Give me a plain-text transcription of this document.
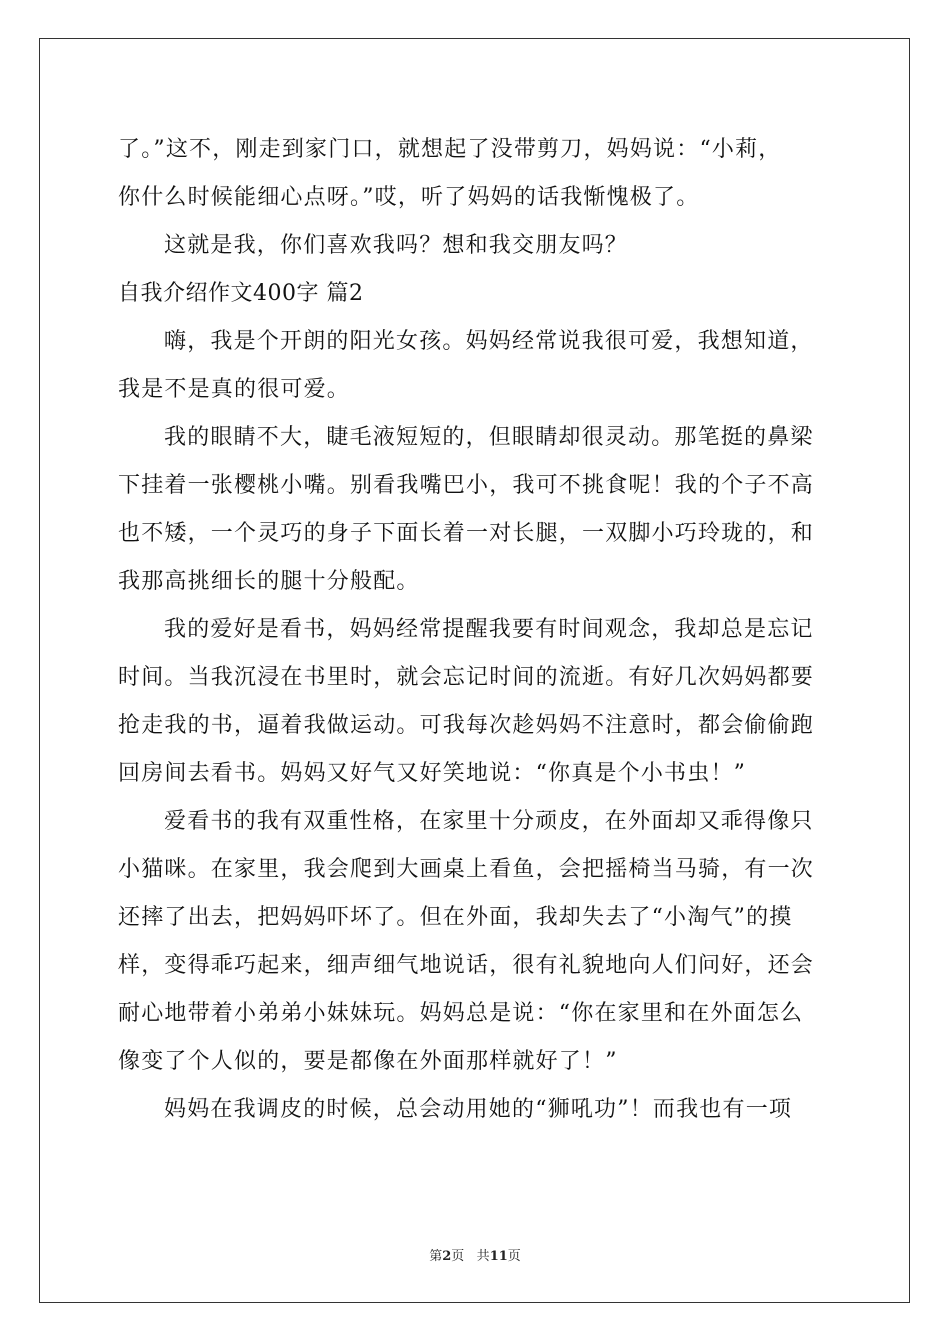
了。”这不，刚走到家门口，就想起了没带剪刀，妈妈说：“小莉，

你什么时候能细心点呀。”哎，听了妈妈的话我惭愧极了。

这就是我，你们喜欢我吗？想和我交朋友吗？

自我介绍作文400字 篇2

嗨，我是个开朗的阳光女孩。妈妈经常说我很可爱，我想知道，

我是不是真的很可爱。

我的眼睛不大，睫毛液短短的，但眼睛却很灵动。那笔挺的鼻梁

下挂着一张樱桃小嘴。别看我嘴巴小，我可不挑食呢！我的个子不高

也不矮，一个灵巧的身子下面长着一对长腿，一双脚小巧玲珑的，和

我那高挑细长的腿十分般配。

我的爱好是看书，妈妈经常提醒我要有时间观念，我却总是忘记

时间。当我沉浸在书里时，就会忘记时间的流逝。有好几次妈妈都要

抢走我的书，逼着我做运动。可我每次趁妈妈不注意时，都会偷偷跑

回房间去看书。妈妈又好气又好笑地说：“你真是个小书虫！”

爱看书的我有双重性格，在家里十分顽皮，在外面却又乖得像只

小猫咪。在家里，我会爬到大画桌上看鱼，会把摇椅当马骑，有一次

还摔了出去，把妈妈吓坏了。但在外面，我却失去了“小淘气”的摸

样，变得乖巧起来，细声细气地说话，很有礼貌地向人们问好，还会

耐心地带着小弟弟小妹妹玩。妈妈总是说：“你在家里和在外面怎么

像变了个人似的，要是都像在外面那样就好了！”

妈妈在我调皮的时候，总会动用她的“狮吼功”！而我也有一项

第2页 共11页
